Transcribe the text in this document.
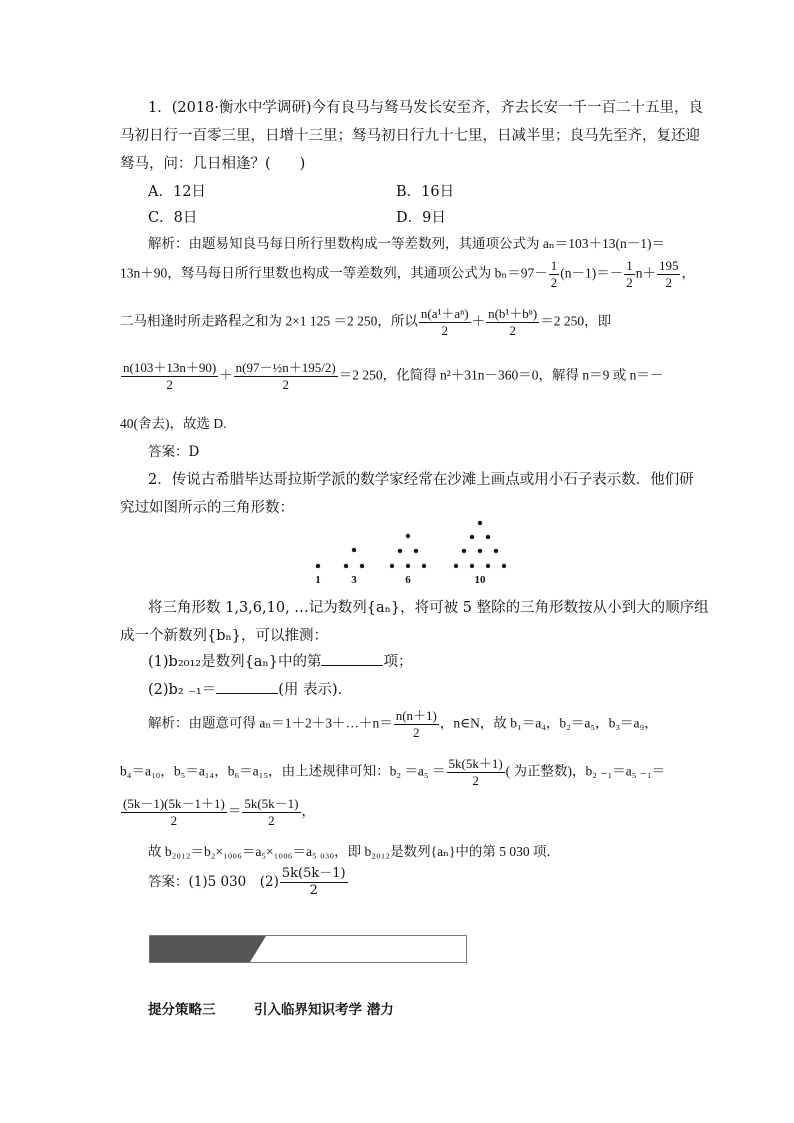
1．(2018·衡水中学调研)今有良马与驽马发长安至齐，齐去长安一千一百二十五里，良
马初日行一百零三里，日增十三里；驽马初日行九十七里，日减半里；良马先至齐，复还迎
驽马，问：几日相逢？(　　)
A．12日	B．16日
C．8日	D．9日
解析：由题易知良马每日所行里数构成一等差数列，其通项公式为 aₙ＝103＋13(n－1)＝
13n＋90，驽马每日所行里数也构成一等差数列，其通项公式为 $b_n=97- \frac{1}{2} (n-1)=- \frac{1}{2} n+ \frac{195}{2}$ ，
二马相逢时所走路程之和为 2×1 125 ＝2 250，所以 $\frac{\text{n(a¹＋aⁿ)}}{2} + \frac{\text{n(b¹＋bⁿ)}}{2} =2$ 250，即
$\frac{n(103+13n+90)}{2} + \frac{\text{n(97－½n＋195/2)}}{2} =2$ 250，化简得 n²＋31n－360＝0，解得 n＝9 或 n＝－
40(舍去)，故选 D.
答案：D
2．传说古希腊毕达哥拉斯学派的数学家经常在沙滩上画点或用小石子表示数．他们研
究过如图所示的三角形数：
1	3	6	10
将三角形数 1,3,6,10, …记为数列{aₙ}，将可被 5 整除的三角形数按从小到大的顺序组
成一个新数列{bₙ}，可以推测：
(1)b₂₀₁₂是数列{aₙ}中的第	项；
(2)b₂ ₋₁＝	(用 表示)．
解析：由题意可得 aₙ＝1＋2＋3＋…＋n＝ $\frac{n(n+1)}{2}$ ，n∈N，故 b₁＝a₄，b₂＝a₅，b₃＝a₉，
b₄＝a₁₀，b₅＝a₁₄，b₆＝a₁₅，由上述规律可知：$b_2 =a_5 = \frac{5k(5k+1)}{2}$ ( 为正整数)，b₂ ₋₁＝a₅ ₋₁＝
$\frac{(5k-1)(5k-1+1)}{2} = \frac{5k(5k-1)}{2}$ ，
故 b₂₀₁₂＝b₂×₁₀₀₆＝a₅×₁₀₀₆＝a₅ ₀₃₀，即 b₂₀₁₂是数列{aₙ}中的第 5 030 项．
答案：(1)5 030　$(2) \frac{5k(5k-1)}{2}$
提分策略三	引入临界知识考学 潜力
